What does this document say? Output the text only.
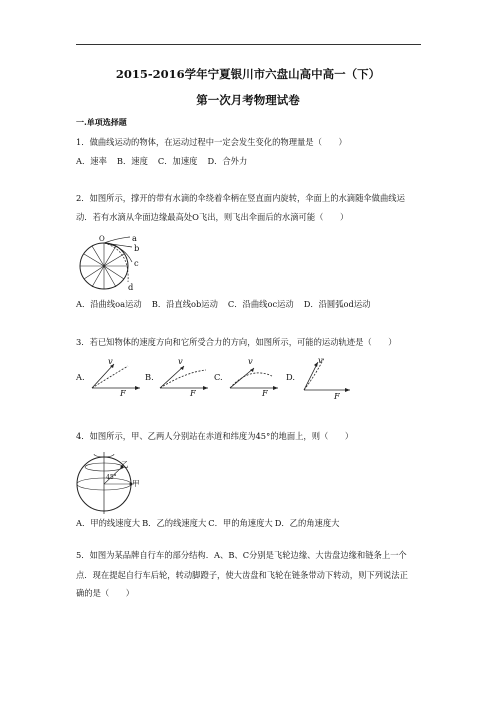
2015-2016学年宁夏银川市六盘山高中高一（下）
第一次月考物理试卷
一.单项选择题
1．做曲线运动的物体，在运动过程中一定会发生变化的物理量是（　　）
A．速率 B．速度 C．加速度 D．合外力
2．如图所示，撑开的带有水滴的伞绕着伞柄在竖直面内旋转，伞面上的水滴随伞做曲线运
动．若有水滴从伞面边缘最高处O飞出，则飞出伞面后的水滴可能（　　）
a
b
c
d
O
A．沿曲线oa运动 B．沿直线ob运动 C．沿曲线oc运动 D．沿圆弧od运动
3．若已知物体的速度方向和它所受合力的方向，如图所示，可能的运动轨迹是（　　）
A.	B.	C.	D.
v
F
v
F
v
F
v
F
4．如图所示，甲、乙两人分别站在赤道和纬度为45°的地面上，则（　　）
乙
甲
45°
A．甲的线速度大 B．乙的线速度大 C．甲的角速度大 D．乙的角速度大
5．如图为某品牌自行车的部分结构．A、B、C分别是飞轮边缘、大齿盘边缘和链条上一个
点．现在提起自行车后轮，转动脚蹬子，使大齿盘和飞轮在链条带动下转动，则下列说法正
确的是（　　）
